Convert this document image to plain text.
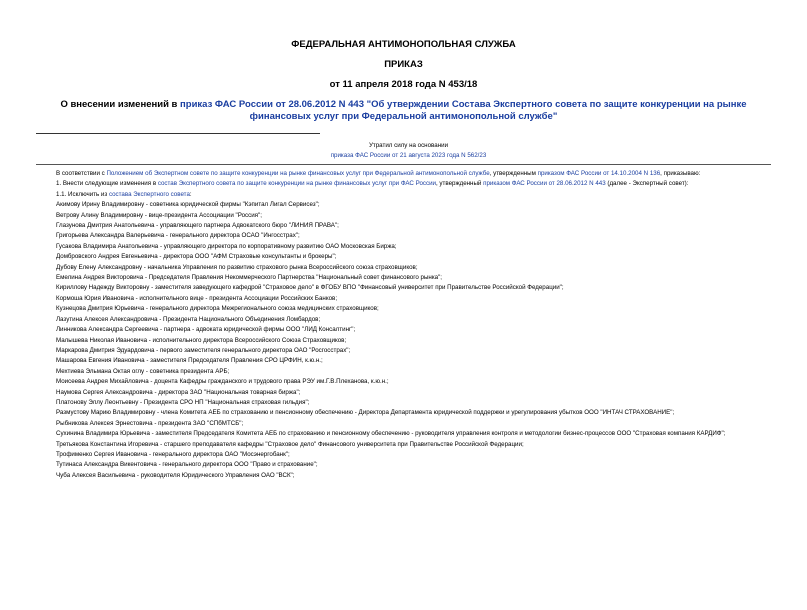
ФЕДЕРАЛЬНАЯ АНТИМОНОПОЛЬНАЯ СЛУЖБА
ПРИКАЗ
от 11 апреля 2018 года N 453/18
О внесении изменений в приказ ФАС России от 28.06.2012 N 443 "Об утверждении Состава Экспертного совета по защите конкуренции на рынке финансовых услуг при Федеральной антимонопольной службе"
Утратил силу на основании
приказа ФАС России от 21 августа 2023 года N 562/23

В соответствии с Положением об Экспертном совете по защите конкуренции на рынке финансовых услуг при Федеральной антимонопольной службе, утвержденным приказом ФАС России от 14.10.2004 N 136, приказываю:

1. Внести следующие изменения в состав Экспертного совета по защите конкуренции на рынке финансовых услуг при ФАС России, утвержденный приказом ФАС России от 28.06.2012 N 443 (далее - Экспертный совет):

1.1. Исключить из состава Экспертного совета:

Акимову Ирину Владимировну - советника юридической фирмы "Кэпитал Лигал Сервисез";

Ветрову Алину Владимировну - вице-президента Ассоциации "Россия";

Глазунова Дмитрия Анатольевича - управляющего партнера Адвокатского бюро "ЛИНИЯ ПРАВА";

Григорьева Александра Валерьевича - генерального директора ОСАО "Ингосстрах";

Гусакова Владимира Анатольевича - управляющего директора по корпоративному развитию ОАО Московская Биржа;

Домбровского Андрея Евгеньевича - директора ООО "АФМ Страховые консультанты и брокеры";

Дубову Елену Александровну - начальника Управления по развитию страхового рынка Всероссийского союза страховщиков;

Емелина Андрея Викторовича - Председателя Правления Некоммерческого Партнерства "Национальный совет финансового рынка";

Кириллову Надежду Викторовну - заместителя заведующего кафедрой "Страховое дело" в ФГОБУ ВПО "Финансовый университет при Правительстве Российской Федерации";

Кормоша Юрия Ивановича - исполнительного вице - президента Ассоциации Российских Банков;

Кузнецова Дмитрия Юрьевича - генерального директора Межрегионального союза медицинских страховщиков;

Лазутина Алексея Александровича - Президента Национального Объединения Ломбардов;

Линникова Александра Сергеевича - партнера - адвоката юридической фирмы ООО "ЛИД Консалтинг";

Малышева Николая Ивановича - исполнительного директора Всероссийского Союза Страховщиков;

Маркарова Дмитрия Эдуардовича - первого заместителя генерального директора ОАО "Росгосстрах";

Машарова Евгения Ивановича - заместителя Председателя Правления СРО ЦРФИН, к.ю.н.;

Мехтиева Эльмана Октая оглу - советника президента АРБ;

Моисеева Андрея Михайловича - доцента Кафедры гражданского и трудового права РЭУ им.Г.В.Плеханова, к.ю.н.;

Наумова Сергея Александровича - директора ЗАО "Национальная товарная биржа";

Платонову Эллу Леонтьевну - Президента СРО НП "Национальная страховая гильдия";

Размустову Марию Владимировну - члена Комитета АЕБ по страхованию и пенсионному обеспечению - Директора Департамента юридической поддержки и урегулирования убытков ООО "ИНТАЧ СТРАХОВАНИЕ";

Рыбникова Алексея Эрнестовича - президента ЗАО "СПбМТСБ";

Сухинина Владимира Юрьевича - заместителя Председателя Комитета АЕБ по страхованию и пенсионному обеспечению - руководителя управления контроля и методологии бизнес-процессов ООО "Страховая компания КАРДИФ";

Третьякова Константина Игоревича - старшего преподавателя кафедры "Страховое дело" Финансового университета при Правительстве Российской Федерации;

Трофименко Сергея Ивановича - генерального директора ОАО "Мосэнергобанк";

Тутинаса Александра Викентовича - генерального директора ООО "Право и страхование";

Чуба Алексея Васильевича - руководителя Юридического Управления ОАО "ВСК";
